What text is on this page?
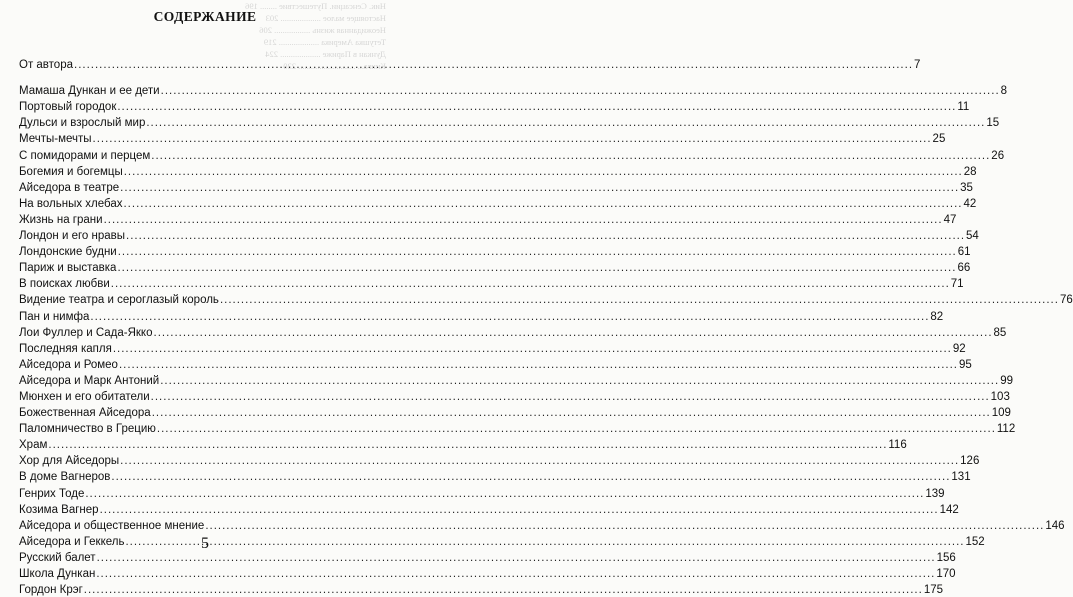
Ник. Сенсации. Путешествие ........ 196
Настоящее малое ................... 203
Неожиданная жизнь ................. 206
Тетушка Америка ................... 219
Дункан в Париже ................... 224
Книга... ........................... 230
СОДЕРЖАНИЕ
От автора .....	7
Мамаша Дункан и ее дети .....	8
Портовый городок .....	11
Дульси и взрослый мир .....	15
Мечты-мечты .....	25
С помидорами и перцем .....	26
Богемия и богемцы .....	28
Айседора в театре .....	35
На вольных хлебах .....	42
Жизнь на грани .....	47
Лондон и его нравы .....	54
Лондонские будни .....	61
Париж и выставка .....	66
В поисках любви .....	71
Видение театра и сероглазый король .....	76
Пан и нимфа .....	82
Лои Фуллер и Сада-Якко .....	85
Последняя капля .....	92
Айседора и Ромео .....	95
Айседора и Марк Антоний .....	99
Мюнхен и его обитатели .....	103
Божественная Айседора .....	109
Паломничество в Грецию .....	112
Храм .....	116
Хор для Айседоры .....	126
В доме Вагнеров .....	131
Генрих Тоде .....	139
Козима Вагнер .....	142
Айседора и общественное мнение .....	146
Айседора и Геккель .....	152
Русский балет .....	156
Школа Дункан .....	170
Гордон Крэг .....	175
5
